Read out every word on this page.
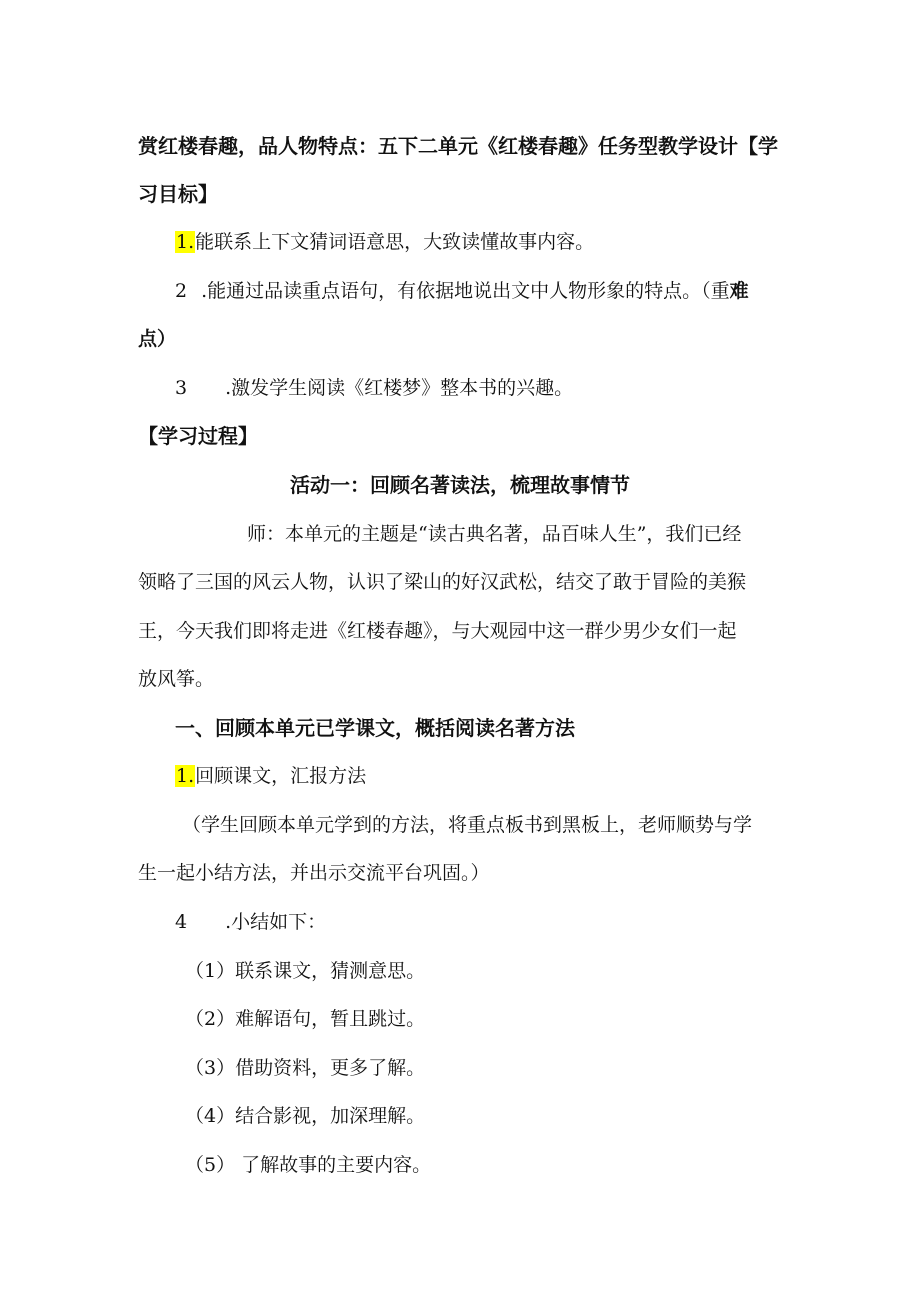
赏红楼春趣，品人物特点：五下二单元《红楼春趣》任务型教学设计【学
习目标】
1.能联系上下文猜词语意思，大致读懂故事内容。
2 .能通过品读重点语句，有依据地说出文中人物形象的特点。（重难
点）
3 .激发学生阅读《红楼梦》整本书的兴趣。
【学习过程】
活动一：回顾名著读法，梳理故事情节
师：本单元的主题是“读古典名著，品百味人生”，我们已经
领略了三国的风云人物，认识了梁山的好汉武松，结交了敢于冒险的美猴
王，今天我们即将走进《红楼春趣》，与大观园中这一群少男少女们一起
放风筝。
一、回顾本单元已学课文，概括阅读名著方法
1.回顾课文，汇报方法
（学生回顾本单元学到的方法，将重点板书到黑板上，老师顺势与学
生一起小结方法，并出示交流平台巩固。）
4 .小结如下：
（1）联系课文，猜测意思。
（2）难解语句，暂且跳过。
（3）借助资料，更多了解。
（4）结合影视，加深理解。
（5） 了解故事的主要内容。
